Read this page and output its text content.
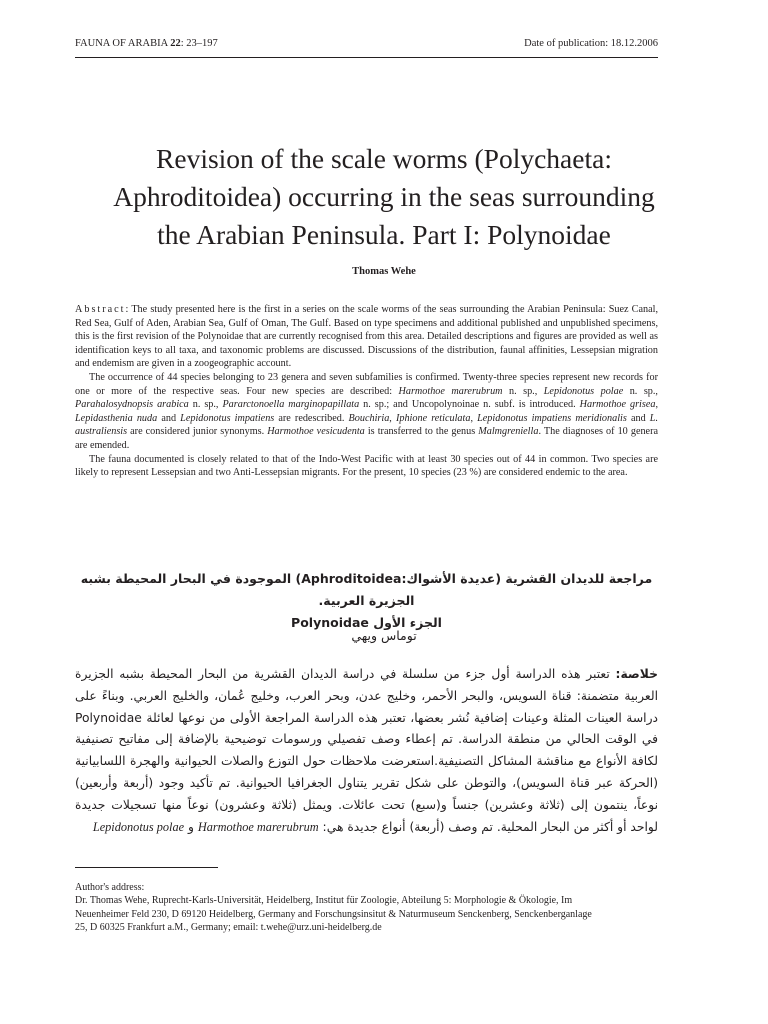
FAUNA OF ARABIA 22: 23–197	Date of publication: 18.12.2006
Revision of the scale worms (Polychaeta:
Aphroditoidea) occurring in the seas surrounding
the Arabian Peninsula. Part I: Polynoidae
Thomas Wehe

Abstract: The study presented here is the first in a series on the scale worms of the seas surrounding the Arabian Peninsula: Suez Canal, Red Sea, Gulf of Aden, Arabian Sea, Gulf of Oman, The Gulf. Based on type specimens and additional published and unpublished specimens, this is the first revision of the Polynoidae that are currently recognised from this area. Detailed descriptions and figures are provided as well as identification keys to all taxa, and taxonomic problems are discussed. Discussions of the distribution, faunal affinities, Lessepsian migration and endemism are given in a zoogeographic account.

The occurrence of 44 species belonging to 23 genera and seven subfamilies is confirmed. Twenty-three species represent new records for one or more of the respective seas. Four new species are described: Harmothoe marerubrum n. sp., Lepidonotus polae n. sp., Parahalosydnopsis arabica n. sp., Pararctonoella marginopapillata n. sp.; and Uncopolynoinae n. subf. is introduced. Harmothoe grisea, Lepidasthenia nuda and Lepidonotus impatiens are redescribed. Bouchiria, Iphione reticulata, Lepidonotus impatiens meridionalis and L. australiensis are considered junior synonyms. Harmothoe vesicudenta is transferred to the genus Malmgreniella. The diagnoses of 10 genera are emended.

The fauna documented is closely related to that of the Indo-West Pacific with at least 30 species out of 44 in common. Two species are likely to represent Lessepsian and two Anti-Lessepsian migrants. For the present, 10 species (23 %) are considered endemic to the area.

مراجعة للديدان القشرية (عديدة الأشواك:Aphroditoidea) الموجودة في البحار المحيطة بشبه الجزيرة العربية.
الجزء الأول Polynoidae
توماس ويهي
خلاصة: تعتبر هذه الدراسة أول جزء من سلسلة في دراسة الديدان القشرية من البحار المحيطة بشبه الجزيرة العربية متضمنة: قناة السويس، والبحر الأحمر، وخليج عدن، وبحر العرب، وخليج عُمان، والخليج العربي. وبناءً على دراسة العينات المثلة وعينات إضافية نُشر بعضها، تعتبر هذه الدراسة المراجعة الأولى من نوعها لعائلة Polynoidae في الوقت الحالي من منطقة الدراسة. تم إعطاء وصف تفصيلي ورسومات توضيحية بالإضافة إلى مفاتيح تصنيفية لكافة الأنواع مع مناقشة المشاكل التصنيفية.استعرضت ملاحظات حول التوزع والصلات الحيوانية والهجرة اللسابيانية (الحركة عبر قناة السويس)، والتوطن على شكل تقرير يتناول الجغرافيا الحيوانية. تم تأكيد وجود (أربعة وأربعين) نوعاً، ينتمون إلى (ثلاثة وعشرين) جنساً و(سبع) تحت عائلات. ويمثل (ثلاثة وعشرون) نوعاً منها تسجيلات جديدة لواحد أو أكثر من البحار المحلية. تم وصف (أربعة) أنواع جديدة هي: Harmothoe marerubrum و Lepidonotus polae
Author's address:
Dr. Thomas Wehe, Ruprecht-Karls-Universität, Heidelberg, Institut für Zoologie, Abteilung 5: Morphologie & Ökologie, Im
Neuenheimer Feld 230, D 69120 Heidelberg, Germany and Forschungsinsitut & Naturmuseum Senckenberg, Senckenberganlage
25, D 60325 Frankfurt a.M., Germany; email: t.wehe@urz.uni-heidelberg.de
